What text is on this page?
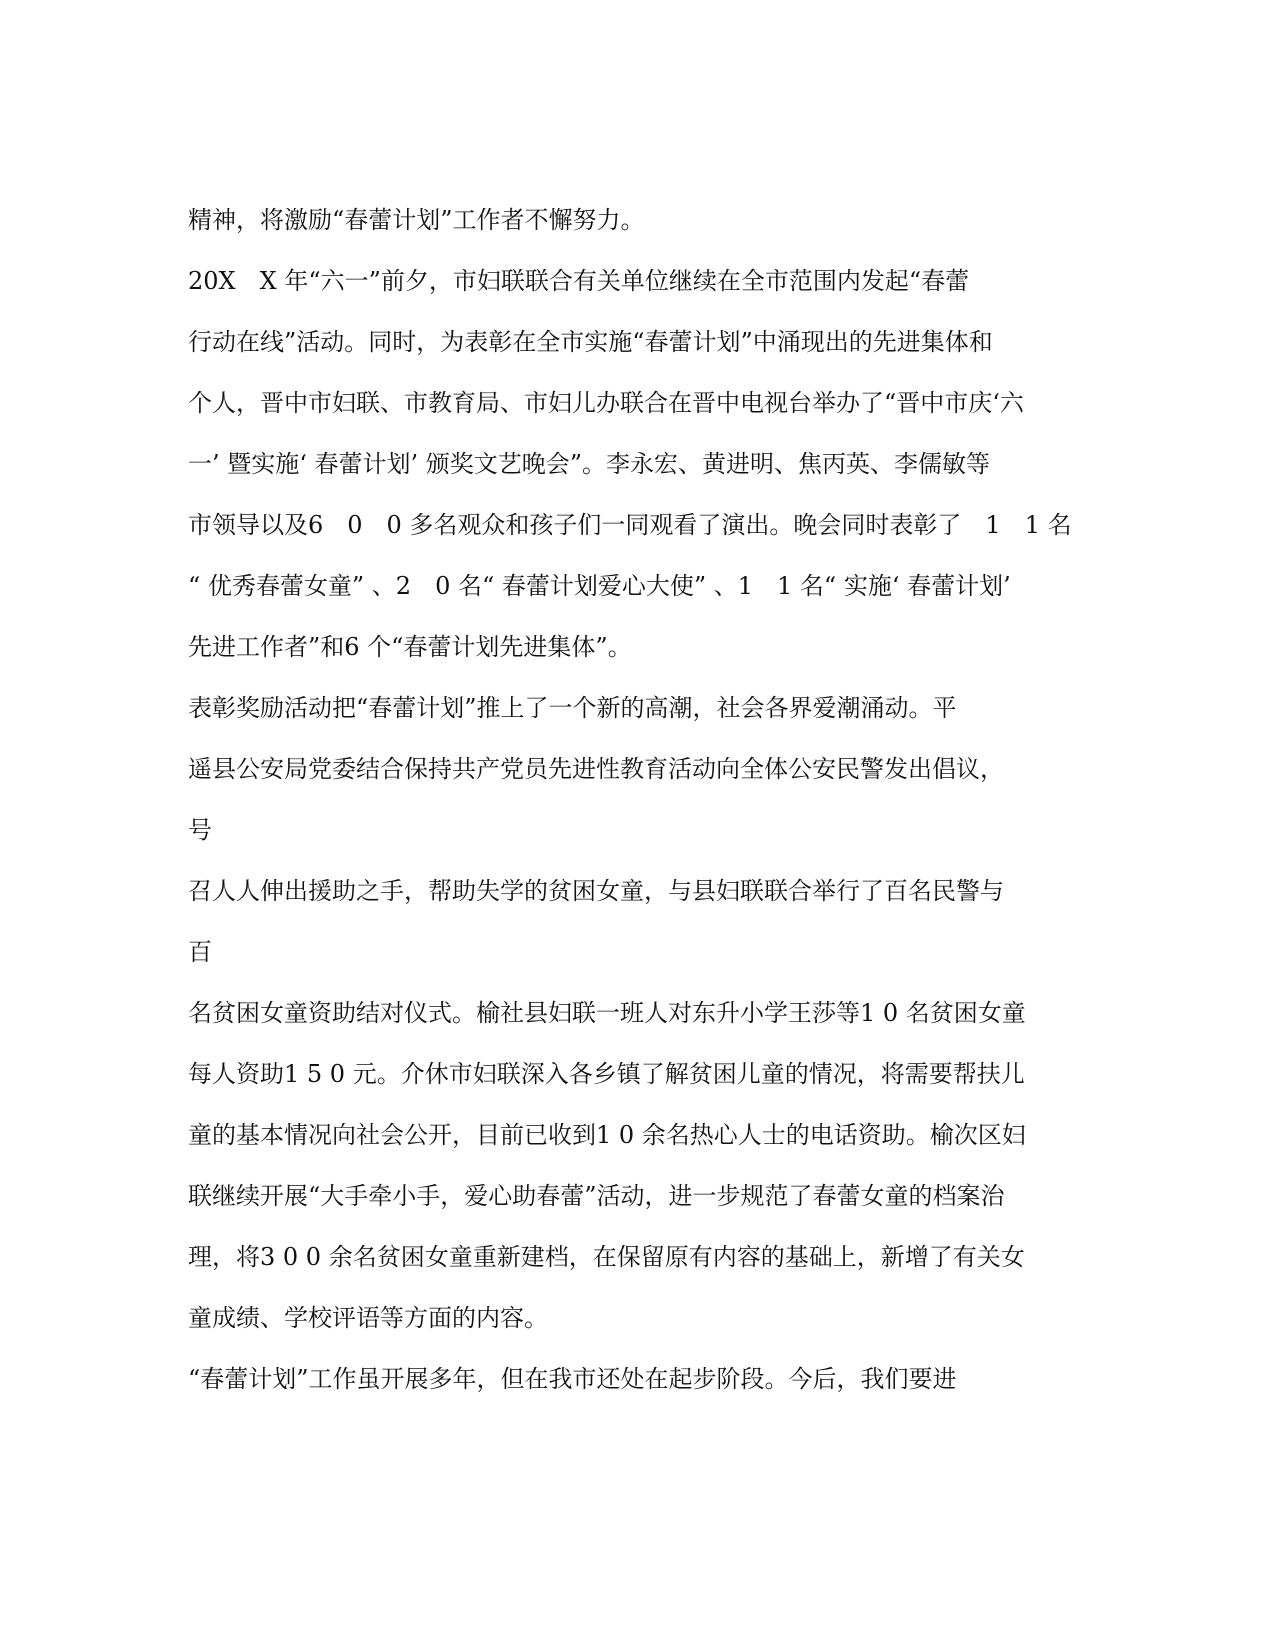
精神，将激励“春蕾计划”工作者不懈努力。
20X　X 年“六一”前夕，市妇联联合有关单位继续在全市范围内发起“春蕾
行动在线”活动。同时，为表彰在全市实施“春蕾计划”中涌现出的先进集体和
个人，晋中市妇联、市教育局、市妇儿办联合在晋中电视台举办了“晋中市庆‘六
一’ 暨实施‘ 春蕾计划’ 颁奖文艺晚会”。李永宏、黄进明、焦丙英、李儒敏等
市领导以及6　0　0 多名观众和孩子们一同观看了演出。晚会同时表彰了　1　1 名
“ 优秀春蕾女童” 、2　0 名“ 春蕾计划爱心大使” 、1　1 名“ 实施‘ 春蕾计划’
先进工作者”和6 个“春蕾计划先进集体”。
表彰奖励活动把“春蕾计划”推上了一个新的高潮，社会各界爱潮涌动。平
遥县公安局党委结合保持共产党员先进性教育活动向全体公安民警发出倡议，
号
召人人伸出援助之手，帮助失学的贫困女童，与县妇联联合举行了百名民警与
百
名贫困女童资助结对仪式。榆社县妇联一班人对东升小学王莎等1 0 名贫困女童
每人资助1 5 0 元。介休市妇联深入各乡镇了解贫困儿童的情况，将需要帮扶儿
童的基本情况向社会公开，目前已收到1 0 余名热心人士的电话资助。榆次区妇
联继续开展“大手牵小手，爱心助春蕾”活动，进一步规范了春蕾女童的档案治
理，将3 0 0 余名贫困女童重新建档，在保留原有内容的基础上，新增了有关女
童成绩、学校评语等方面的内容。
“春蕾计划”工作虽开展多年，但在我市还处在起步阶段。今后，我们要进
